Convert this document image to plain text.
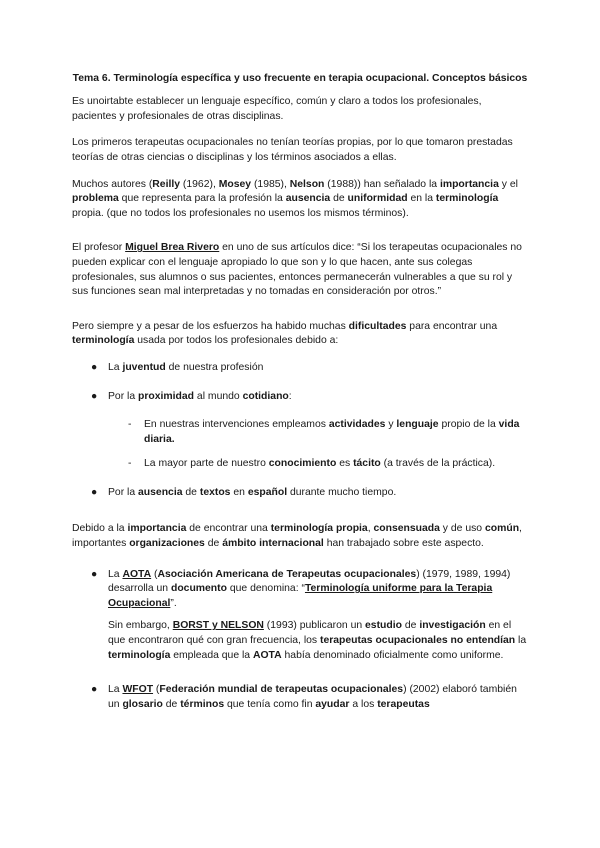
Tema 6. Terminología específica y uso frecuente en terapia ocupacional. Conceptos básicos

Es unoirtabte establecer un lenguaje específico, común y claro a todos los profesionales, pacientes y profesionales de otras disciplinas.

Los primeros terapeutas ocupacionales no tenían teorías propias, por lo que tomaron prestadas teorías de otras ciencias o disciplinas y los términos asociados a ellas.

Muchos autores (Reilly (1962), Mosey (1985), Nelson (1988)) han señalado la importancia y el problema que representa para la profesión la ausencia de uniformidad en la terminología propia. (que no todos los profesionales no usemos los mismos términos).

El profesor Miguel Brea Rivero en uno de sus artículos dice: “Si los terapeutas ocupacionales no pueden explicar con el lenguaje apropiado lo que son y lo que hacen, ante sus colegas profesionales, sus alumnos o sus pacientes, entonces permanecerán vulnerables a que su rol y sus funciones sean mal interpretadas y no tomadas en consideración por otros.”

Pero siempre y a pesar de los esfuerzos ha habido muchas dificultades para encontrar una terminología usada por todos los profesionales debido a:

● La juventud de nuestra profesión
● Por la proximidad al mundo cotidiano:
- En nuestras intervenciones empleamos actividades y lenguaje propio de la vida diaria.
- La mayor parte de nuestro conocimiento es tácito (a través de la práctica).
● Por la ausencia de textos en español durante mucho tiempo.

Debido a la importancia de encontrar una terminología propia, consensuada y de uso común, importantes organizaciones de ámbito internacional han trabajado sobre este aspecto.

● La AOTA (Asociación Americana de Terapeutas ocupacionales) (1979, 1989, 1994) desarrolla un documento que denomina: “Terminología uniforme para la Terapia Ocupacional”.
Sin embargo, BORST y NELSON (1993) publicaron un estudio de investigación en el que encontraron qué con gran frecuencia, los terapeutas ocupacionales no entendían la terminología empleada que la AOTA había denominado oficialmente como uniforme.
● La WFOT (Federación mundial de terapeutas ocupacionales) (2002) elaboró también un glosario de términos que tenía como fin ayudar a los terapeutas
